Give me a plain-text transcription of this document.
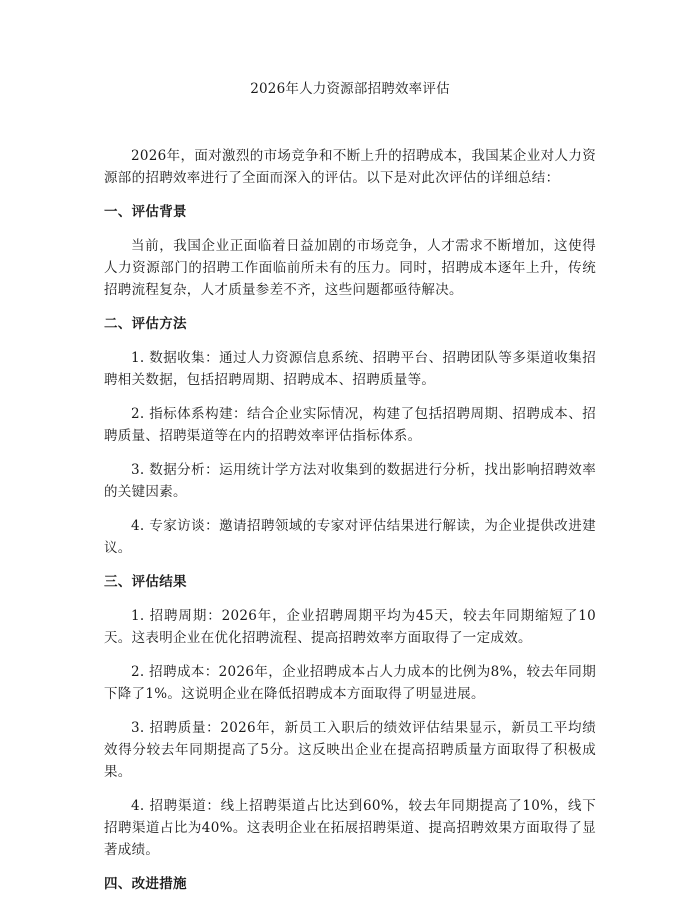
2026年人力资源部招聘效率评估

2026年，面对激烈的市场竞争和不断上升的招聘成本，我国某企业对人力资源部的招聘效率进行了全面而深入的评估。以下是对此次评估的详细总结：

一、评估背景

当前，我国企业正面临着日益加剧的市场竞争，人才需求不断增加，这使得人力资源部门的招聘工作面临前所未有的压力。同时，招聘成本逐年上升，传统招聘流程复杂，人才质量参差不齐，这些问题都亟待解决。

二、评估方法

1. 数据收集：通过人力资源信息系统、招聘平台、招聘团队等多渠道收集招聘相关数据，包括招聘周期、招聘成本、招聘质量等。

2. 指标体系构建：结合企业实际情况，构建了包括招聘周期、招聘成本、招聘质量、招聘渠道等在内的招聘效率评估指标体系。

3. 数据分析：运用统计学方法对收集到的数据进行分析，找出影响招聘效率的关键因素。

4. 专家访谈：邀请招聘领域的专家对评估结果进行解读，为企业提供改进建议。

三、评估结果

1. 招聘周期：2026年，企业招聘周期平均为45天，较去年同期缩短了10天。这表明企业在优化招聘流程、提高招聘效率方面取得了一定成效。

2. 招聘成本：2026年，企业招聘成本占人力成本的比例为8%，较去年同期下降了1%。这说明企业在降低招聘成本方面取得了明显进展。

3. 招聘质量：2026年，新员工入职后的绩效评估结果显示，新员工平均绩效得分较去年同期提高了5分。这反映出企业在提高招聘质量方面取得了积极成果。

4. 招聘渠道：线上招聘渠道占比达到60%，较去年同期提高了10%，线下招聘渠道占比为40%。这表明企业在拓展招聘渠道、提高招聘效果方面取得了显著成绩。

四、改进措施
